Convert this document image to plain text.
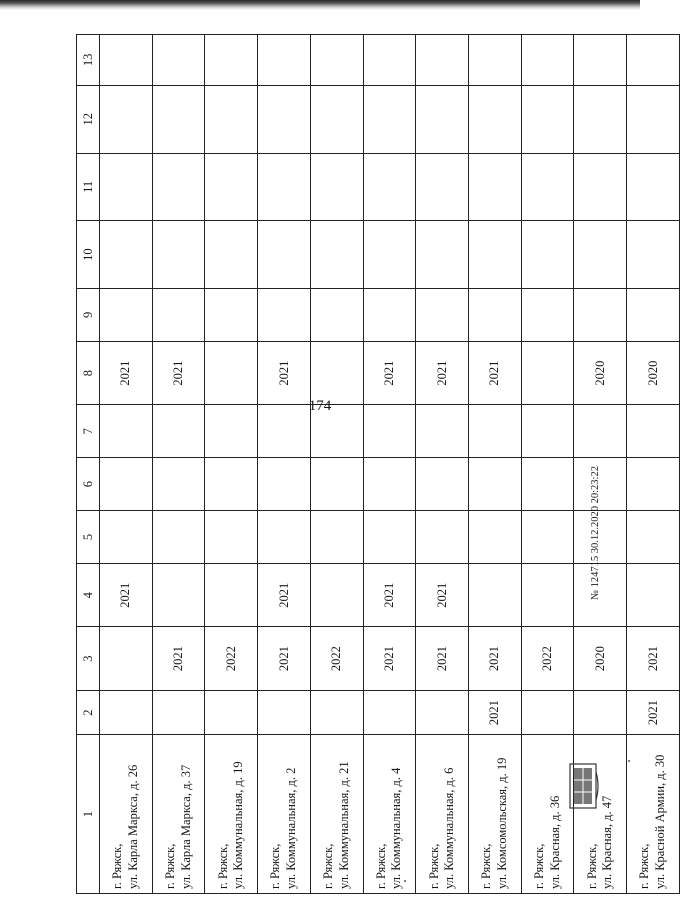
174
1	2	3	4	5	6	7	8	9	10	11	12	13

г. Ряжск, ул. Карла Маркса, д. 26			2021				2021					

г. Ряжск, ул. Карла Маркса, д. 37		2021					2021					

г. Ряжск, ул. Коммунальная, д. 19		2022										

г. Ряжск, ул. Коммунальная, д. 2		2021	2021				2021					

г. Ряжск, ул. Коммунальная, д. 21		2022										

г. Ряжск, ул. Коммунальная, д. 4		2021	2021				2021					

г. Ряжск, ул. Коммунальная, д. 6		2021	2021				2021					

г. Ряжск, ул. Комсомольская, д. 19	2021	2021					2021					

г. Ряжск, ул. Красная, д. 36		2022										

г. Ряжск, ул. Красная, д. 47		2020					2020					

г. Ряжск, ул. Красной Армии, д. 30	2021	2021					2020					
№ 124715 30.12.2020 20:23:22
